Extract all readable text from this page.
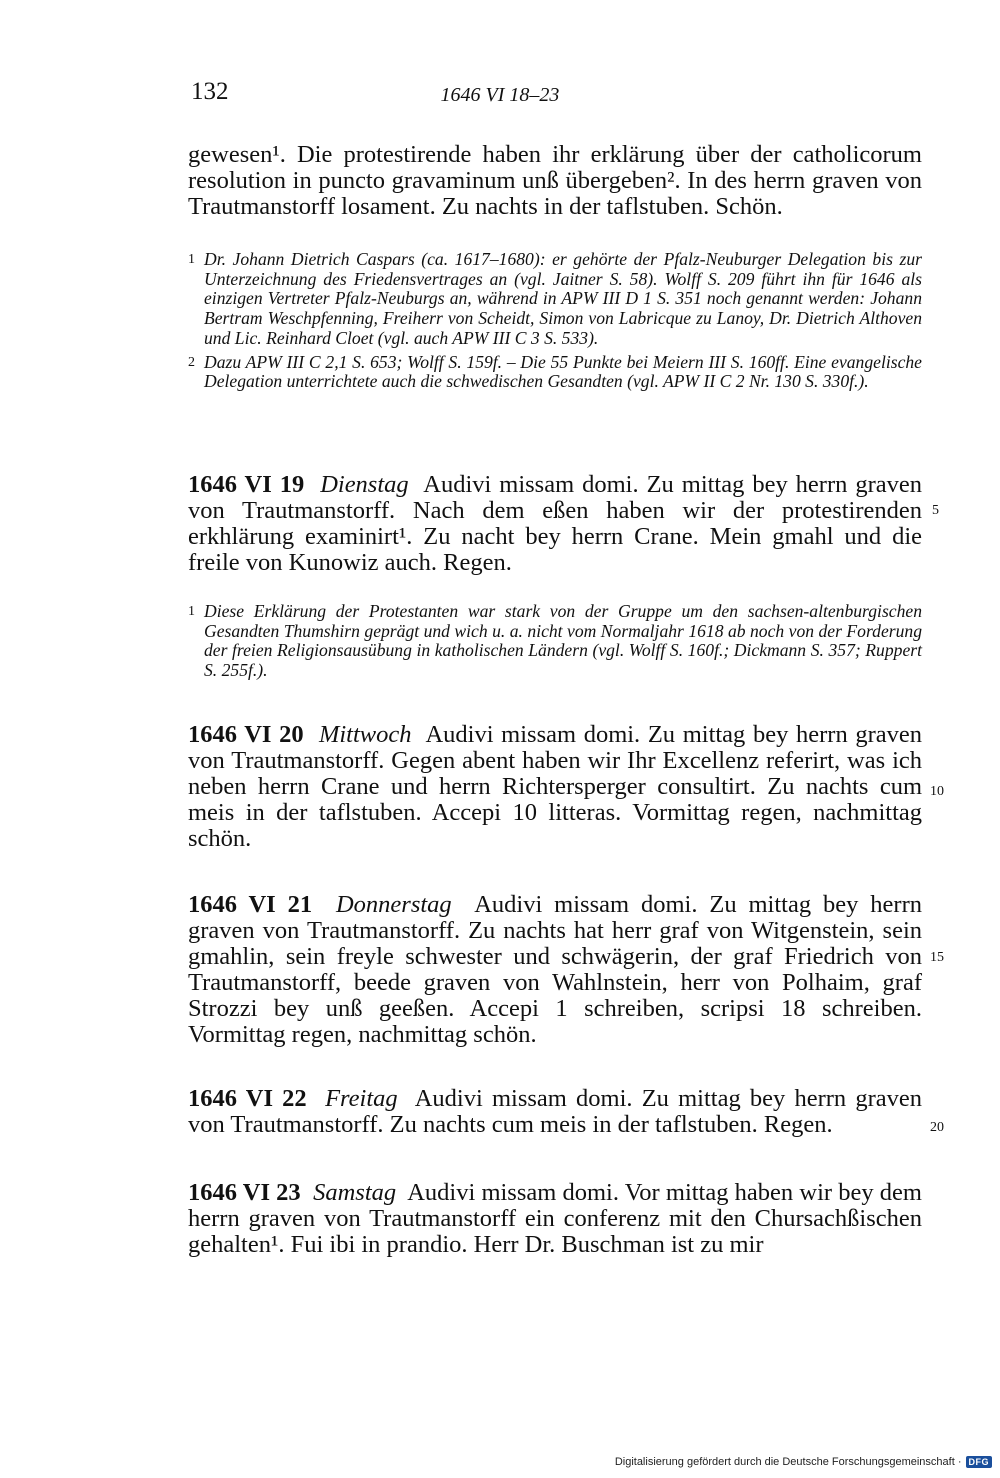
132	1646 VI 18–23
gewesen¹. Die protestirende haben ihr erklärung über der catholicorum resolution in puncto gravaminum unß übergeben². In des herrn graven von Trautmanstorff losament. Zu nachts in der taflstuben. Schön.

1 Dr. Johann Dietrich Caspars (ca. 1617–1680): er gehörte der Pfalz-Neuburger Delegation bis zur Unterzeichnung des Friedensvertrages an (vgl. Jaitner S. 58). Wolff S. 209 führt ihn für 1646 als einzigen Vertreter Pfalz-Neuburgs an, während in APW III D 1 S. 351 noch genannt werden: Johann Bertram Weschpfenning, Freiherr von Scheidt, Simon von Labricque zu Lanoy, Dr. Dietrich Althoven und Lic. Reinhard Cloet (vgl. auch APW III C 3 S. 533).

2 Dazu APW III C 2,1 S. 653; Wolff S. 159f. – Die 55 Punkte bei Meiern III S. 160ff. Eine evangelische Delegation unterrichtete auch die schwedischen Gesandten (vgl. APW II C 2 Nr. 130 S. 330f.).

1646 VI 19 Dienstag Audivi missam domi. Zu mittag bey herrn graven von Trautmanstorff. Nach dem eßen haben wir der protestirenden erkhlärung examinirt¹. Zu nacht bey herrn Crane. Mein gmahl und die freile von Kunowiz auch. Regen.
5

1 Diese Erklärung der Protestanten war stark von der Gruppe um den sachsen-altenburgischen Gesandten Thumshirn geprägt und wich u. a. nicht vom Normaljahr 1618 ab noch von der Forderung der freien Religionsausübung in katholischen Ländern (vgl. Wolff S. 160f.; Dickmann S. 357; Ruppert S. 255f.).

1646 VI 20 Mittwoch Audivi missam domi. Zu mittag bey herrn graven von Trautmanstorff. Gegen abent haben wir Ihr Excellenz referirt, was ich neben herrn Crane und herrn Richtersperger consultirt. Zu nachts cum meis in der taflstuben. Accepi 10 litteras. Vormittag regen, nachmittag schön.
10
1646 VI 21 Donnerstag Audivi missam domi. Zu mittag bey herrn graven von Trautmanstorff. Zu nachts hat herr graf von Witgenstein, sein gmahlin, sein freyle schwester und schwägerin, der graf Friedrich von Trautmanstorff, beede graven von Wahlnstein, herr von Polhaim, graf Strozzi bey unß geeßen. Accepi 1 schreiben, scripsi 18 schreiben. Vormittag regen, nachmittag schön.
15
1646 VI 22 Freitag Audivi missam domi. Zu mittag bey herrn graven von Trautmanstorff. Zu nachts cum meis in der taflstuben. Regen.	20
1646 VI 23 Samstag Audivi missam domi. Vor mittag haben wir bey dem herrn graven von Trautmanstorff ein conferenz mit den Chursachßischen gehalten¹. Fui ibi in prandio. Herr Dr. Buschman ist zu mir
Digitalisierung gefördert durch die Deutsche Forschungsgemeinschaft · DFG
